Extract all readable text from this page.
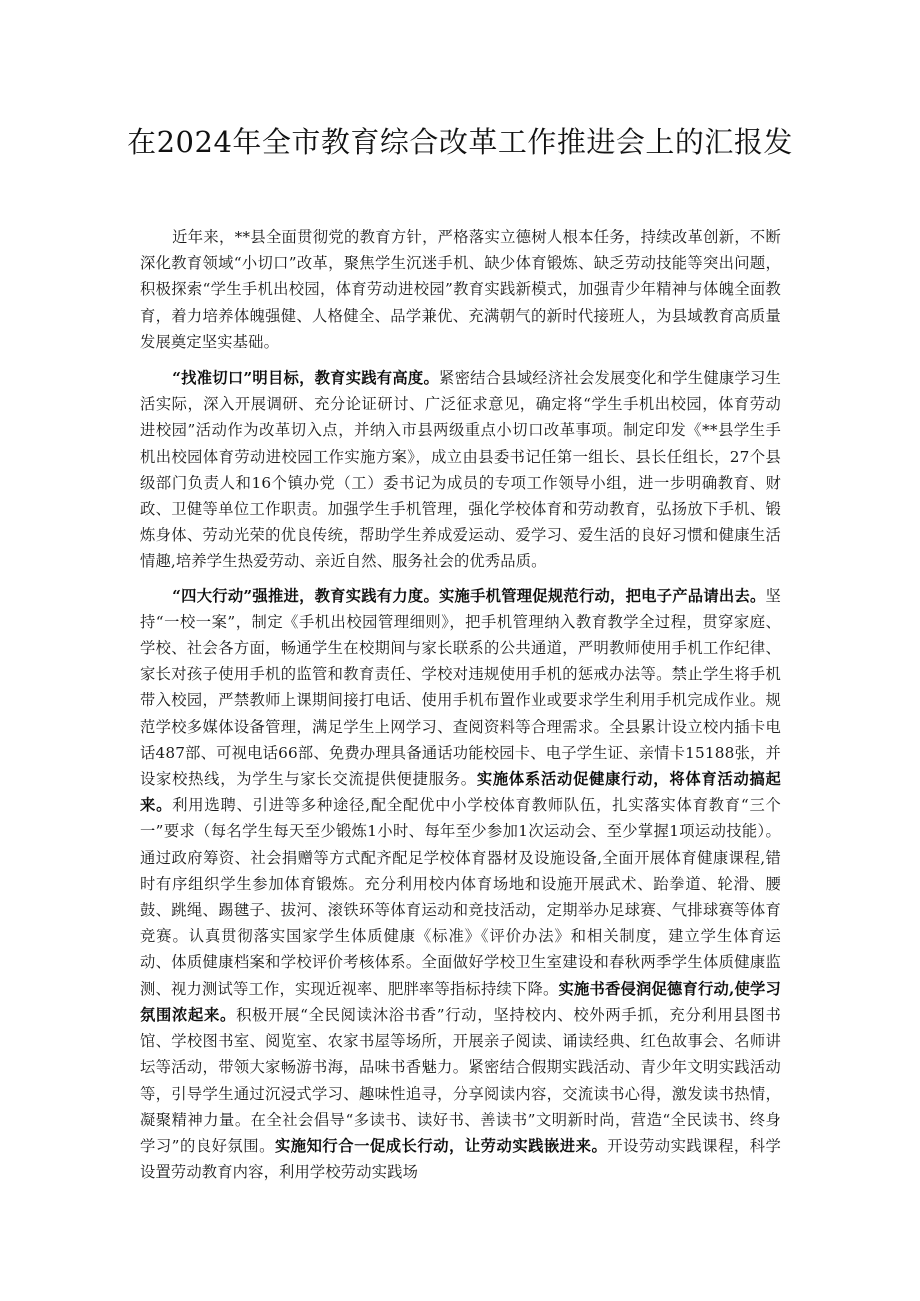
在2024年全市教育综合改革工作推进会上的汇报发

近年来，**县全面贯彻党的教育方针，严格落实立德树人根本任务，持续改革创新，不断深化教育领域“小切口”改革，聚焦学生沉迷手机、缺少体育锻炼、缺乏劳动技能等突出问题，积极探索“学生手机出校园，体育劳动进校园”教育实践新模式，加强青少年精神与体魄全面教育，着力培养体魄强健、人格健全、品学兼优、充满朝气的新时代接班人，为县域教育高质量发展奠定坚实基础。

“找准切口”明目标，教育实践有高度。紧密结合县域经济社会发展变化和学生健康学习生活实际，深入开展调研、充分论证研讨、广泛征求意见，确定将“学生手机出校园，体育劳动进校园”活动作为改革切入点，并纳入市县两级重点小切口改革事项。制定印发《**县学生手机出校园体育劳动进校园工作实施方案》，成立由县委书记任第一组长、县长任组长，27个县级部门负责人和16个镇办党（工）委书记为成员的专项工作领导小组，进一步明确教育、财政、卫健等单位工作职责。加强学生手机管理，强化学校体育和劳动教育，弘扬放下手机、锻炼身体、劳动光荣的优良传统，帮助学生养成爱运动、爱学习、爱生活的良好习惯和健康生活情趣,培养学生热爱劳动、亲近自然、服务社会的优秀品质。

“四大行动”强推进，教育实践有力度。实施手机管理促规范行动，把电子产品请出去。坚持“一校一案”，制定《手机出校园管理细则》，把手机管理纳入教育教学全过程，贯穿家庭、学校、社会各方面，畅通学生在校期间与家长联系的公共通道，严明教师使用手机工作纪律、家长对孩子使用手机的监管和教育责任、学校对违规使用手机的惩戒办法等。禁止学生将手机带入校园，严禁教师上课期间接打电话、使用手机布置作业或要求学生利用手机完成作业。规范学校多媒体设备管理，满足学生上网学习、查阅资料等合理需求。全县累计设立校内插卡电话487部、可视电话66部、免费办理具备通话功能校园卡、电子学生证、亲情卡15188张，并设家校热线，为学生与家长交流提供便捷服务。实施体系活动促健康行动，将体育活动搞起来。利用选聘、引进等多种途径,配全配优中小学校体育教师队伍，扎实落实体育教育“三个一”要求（每名学生每天至少锻炼1小时、每年至少参加1次运动会、至少掌握1项运动技能）。通过政府筹资、社会捐赠等方式配齐配足学校体育器材及设施设备,全面开展体育健康课程,错时有序组织学生参加体育锻炼。充分利用校内体育场地和设施开展武术、跆拳道、轮滑、腰鼓、跳绳、踢毽子、拔河、滚铁环等体育运动和竞技活动，定期举办足球赛、气排球赛等体育竞赛。认真贯彻落实国家学生体质健康《标准》《评价办法》和相关制度，建立学生体育运动、体质健康档案和学校评价考核体系。全面做好学校卫生室建设和春秋两季学生体质健康监测、视力测试等工作，实现近视率、肥胖率等指标持续下降。实施书香侵润促德育行动,使学习氛围浓起来。积极开展“全民阅读沐浴书香”行动，坚持校内、校外两手抓，充分利用县图书馆、学校图书室、阅览室、农家书屋等场所，开展亲子阅读、诵读经典、红色故事会、名师讲坛等活动，带领大家畅游书海，品味书香魅力。紧密结合假期实践活动、青少年文明实践活动等，引导学生通过沉浸式学习、趣味性追寻，分享阅读内容，交流读书心得，激发读书热情，凝聚精神力量。在全社会倡导“多读书、读好书、善读书”文明新时尚，营造“全民读书、终身学习”的良好氛围。实施知行合一促成长行动，让劳动实践嵌进来。开设劳动实践课程，科学设置劳动教育内容，利用学校劳动实践场
